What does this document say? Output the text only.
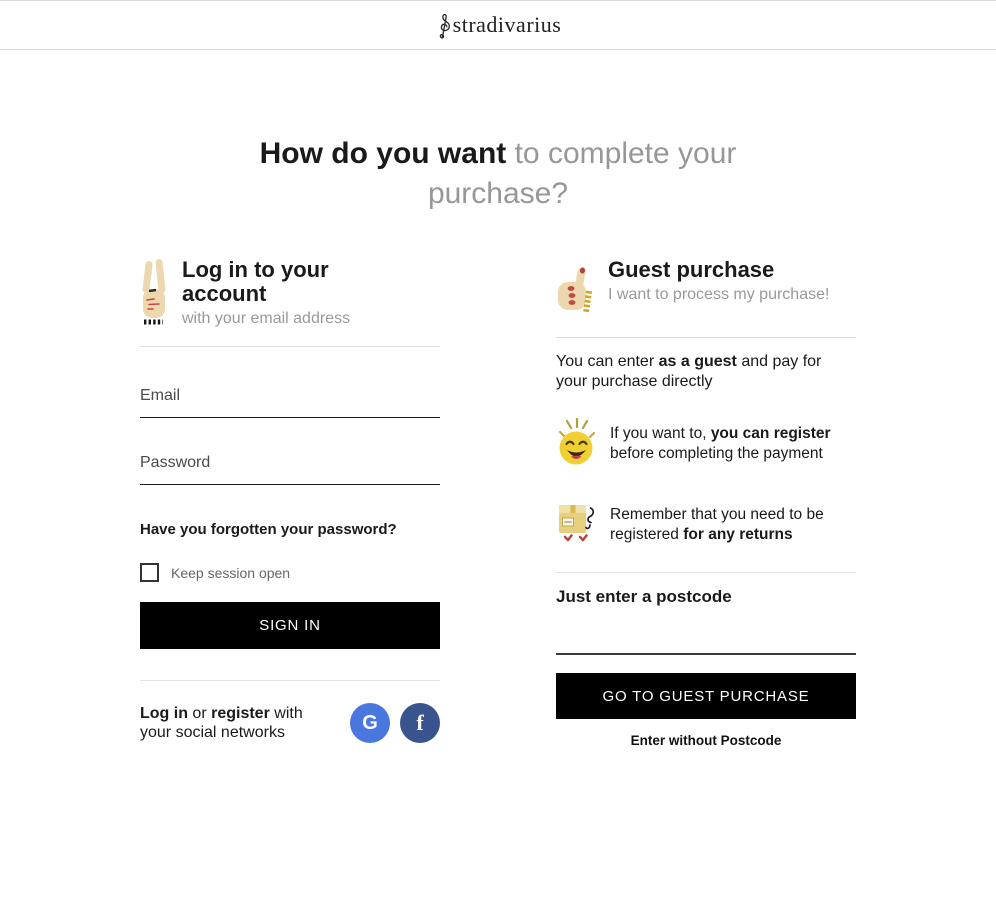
stradivarius
How do you want to complete your purchase?
Log in to your account
with your email address
Email
Have you forgotten your password?
Keep session open
SIGN IN
Log in or register with your social networks	G	f
Guest purchase
I want to process my purchase!

You can enter as a guest and pay for your purchase directly

If you want to, you can register before completing the payment
Remember that you need to be registered for any returns
Just enter a postcode
GO TO GUEST PURCHASE
Enter without Postcode
